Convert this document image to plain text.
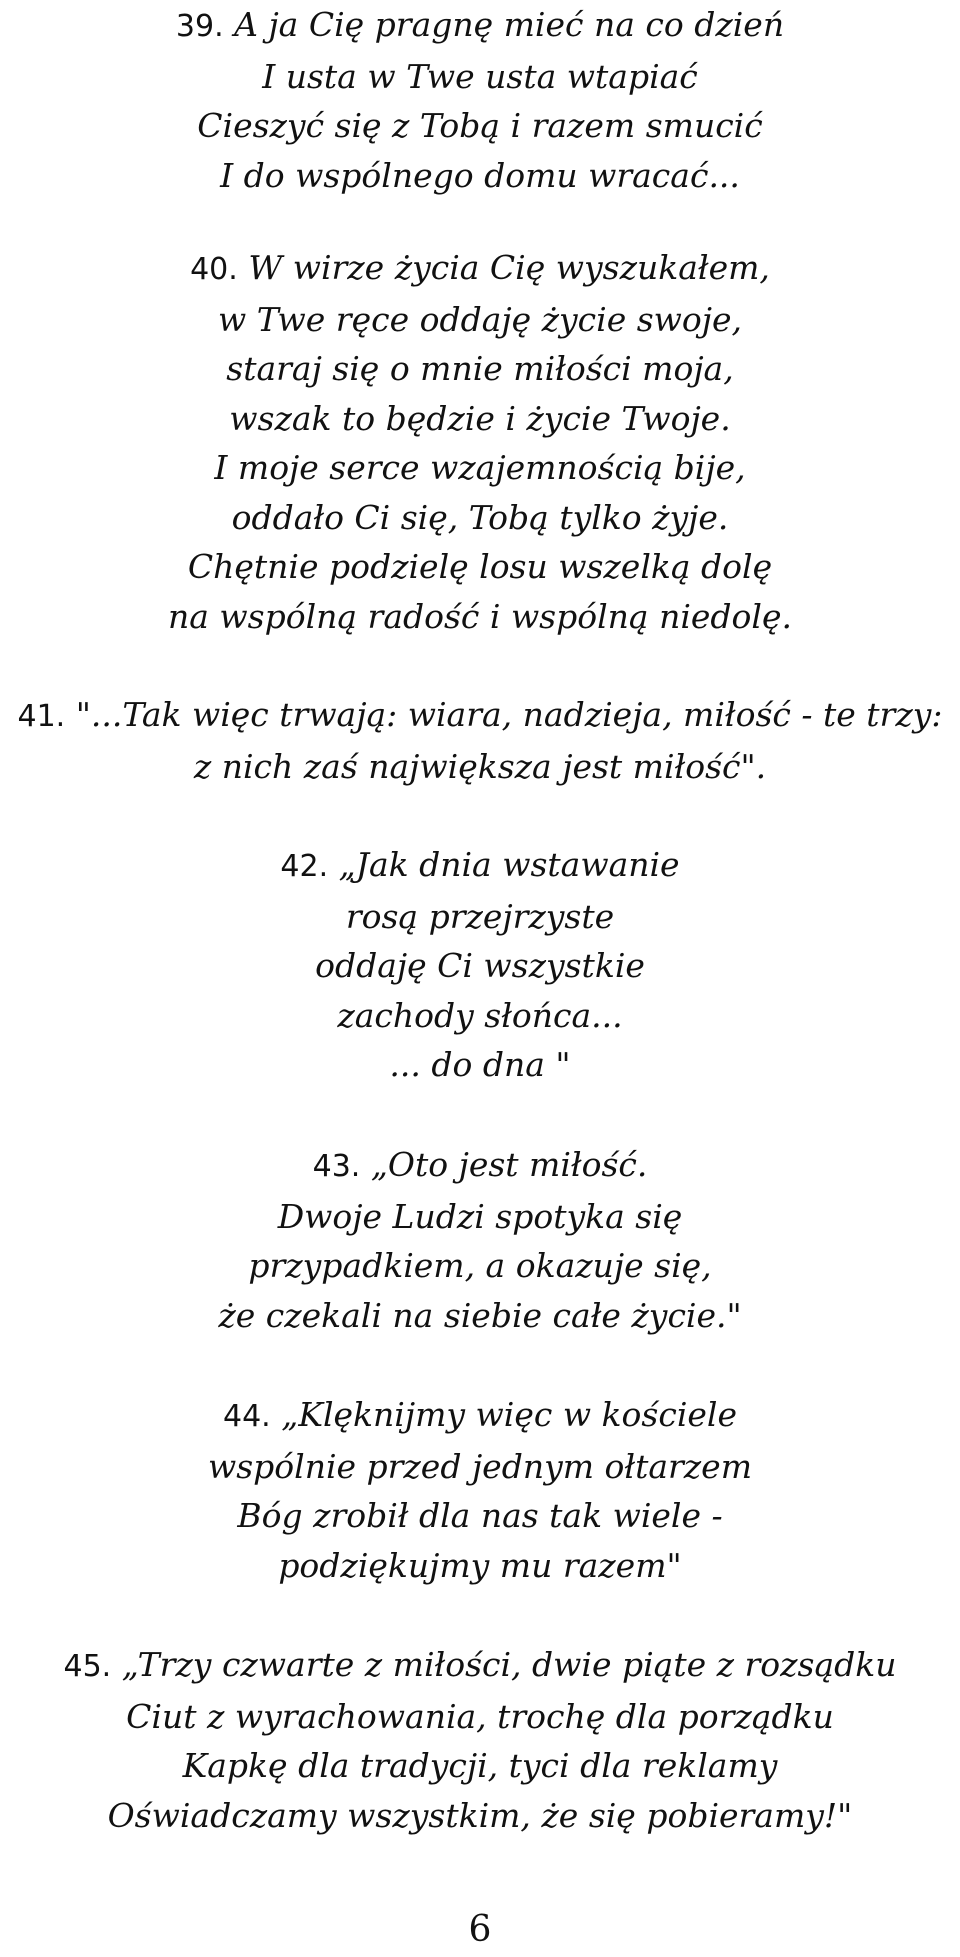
39. A ja Cię pragnę mieć na co dzień
I usta w Twe usta wtapiać
Cieszyć się z Tobą i razem smucić
I do wspólnego domu wracać...
40. W wirze życia Cię wyszukałem,
w Twe ręce oddaję życie swoje,
staraj się o mnie miłości moja,
wszak to będzie i życie Twoje.
I moje serce wzajemnością bije,
oddało Ci się, Tobą tylko żyje.
Chętnie podzielę losu wszelką dolę
na wspólną radość i wspólną niedolę.
41. "...Tak więc trwają: wiara, nadzieja, miłość - te trzy:
z nich zaś największa jest miłość".
42. „Jak dnia wstawanie
rosą przejrzyste
oddaję Ci wszystkie
zachody słońca...
... do dna "
43. „Oto jest miłość.
Dwoje Ludzi spotyka się
przypadkiem, a okazuje się,
że czekali na siebie całe życie."
44. „Klęknijmy więc w kościele
wspólnie przed jednym ołtarzem
Bóg zrobił dla nas tak wiele -
podziękujmy mu razem"
45. „Trzy czwarte z miłości, dwie piąte z rozsądku
Ciut z wyrachowania, trochę dla porządku
Kapkę dla tradycji, tyci dla reklamy
Oświadczamy wszystkim, że się pobieramy!"
6
